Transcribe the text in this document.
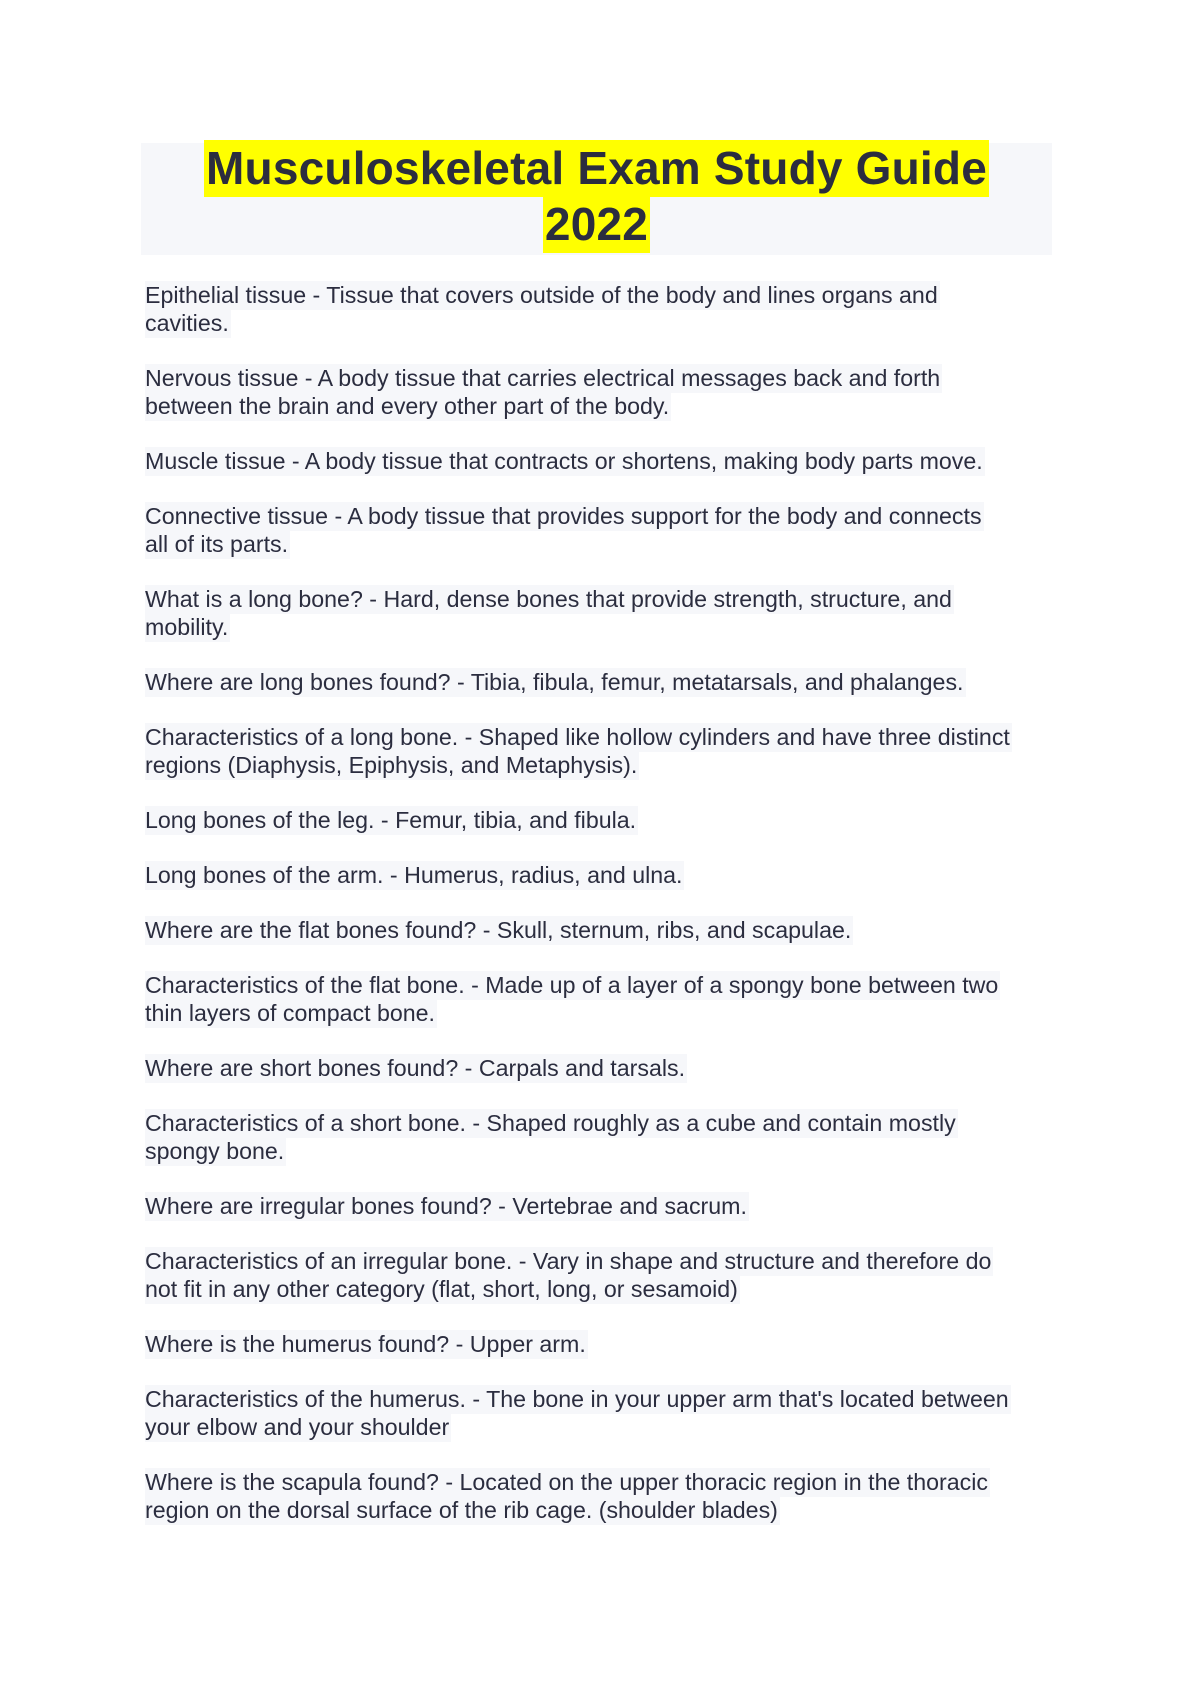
Musculoskeletal Exam Study Guide
2022
Epithelial tissue - Tissue that covers outside of the body and lines organs and
cavities.
Nervous tissue - A body tissue that carries electrical messages back and forth
between the brain and every other part of the body.
Muscle tissue - A body tissue that contracts or shortens, making body parts move.
Connective tissue - A body tissue that provides support for the body and connects
all of its parts.
What is a long bone? - Hard, dense bones that provide strength, structure, and
mobility.
Where are long bones found? - Tibia, fibula, femur, metatarsals, and phalanges.
Characteristics of a long bone. - Shaped like hollow cylinders and have three distinct
regions (Diaphysis, Epiphysis, and Metaphysis).
Long bones of the leg. - Femur, tibia, and fibula.
Long bones of the arm. - Humerus, radius, and ulna.
Where are the flat bones found? - Skull, sternum, ribs, and scapulae.
Characteristics of the flat bone. - Made up of a layer of a spongy bone between two
thin layers of compact bone.
Where are short bones found? - Carpals and tarsals.
Characteristics of a short bone. - Shaped roughly as a cube and contain mostly
spongy bone.
Where are irregular bones found? - Vertebrae and sacrum.
Characteristics of an irregular bone. - Vary in shape and structure and therefore do
not fit in any other category (flat, short, long, or sesamoid)
Where is the humerus found? - Upper arm.
Characteristics of the humerus. - The bone in your upper arm that's located between
your elbow and your shoulder
Where is the scapula found? - Located on the upper thoracic region in the thoracic
region on the dorsal surface of the rib cage. (shoulder blades)
